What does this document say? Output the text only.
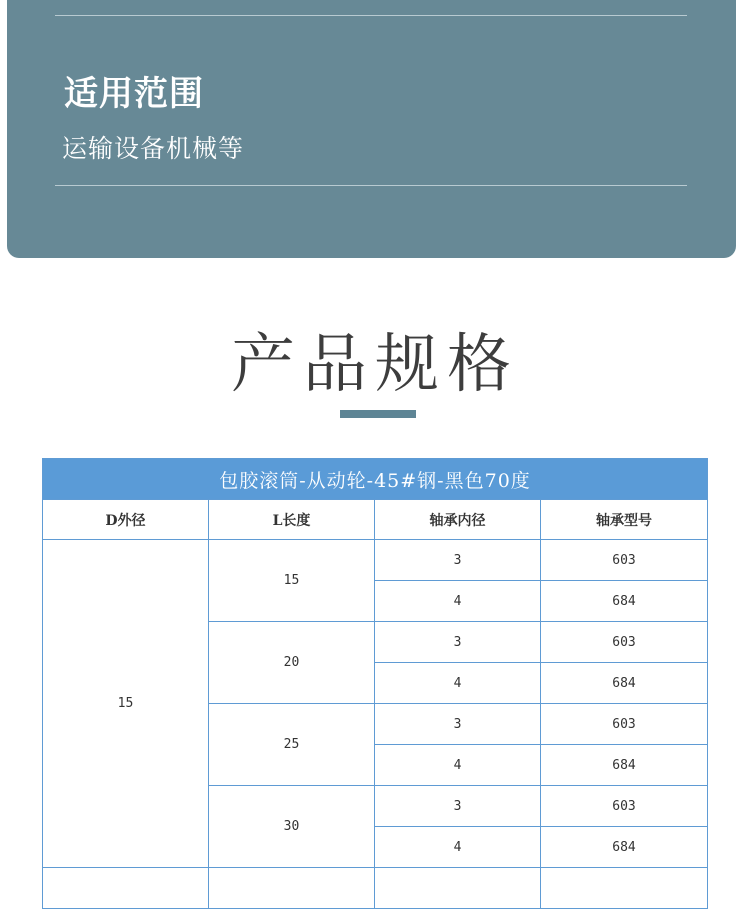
适用范围
运输设备机械等
产品规格
包胶滚筒-从动轮-45#钢-黑色70度			
D外径	L长度	轴承内径	轴承型号
15	15	3	603
		4	684
	20	3	603
		4	684
	25	3	603
		4	684
	30	3	603
		4	684
